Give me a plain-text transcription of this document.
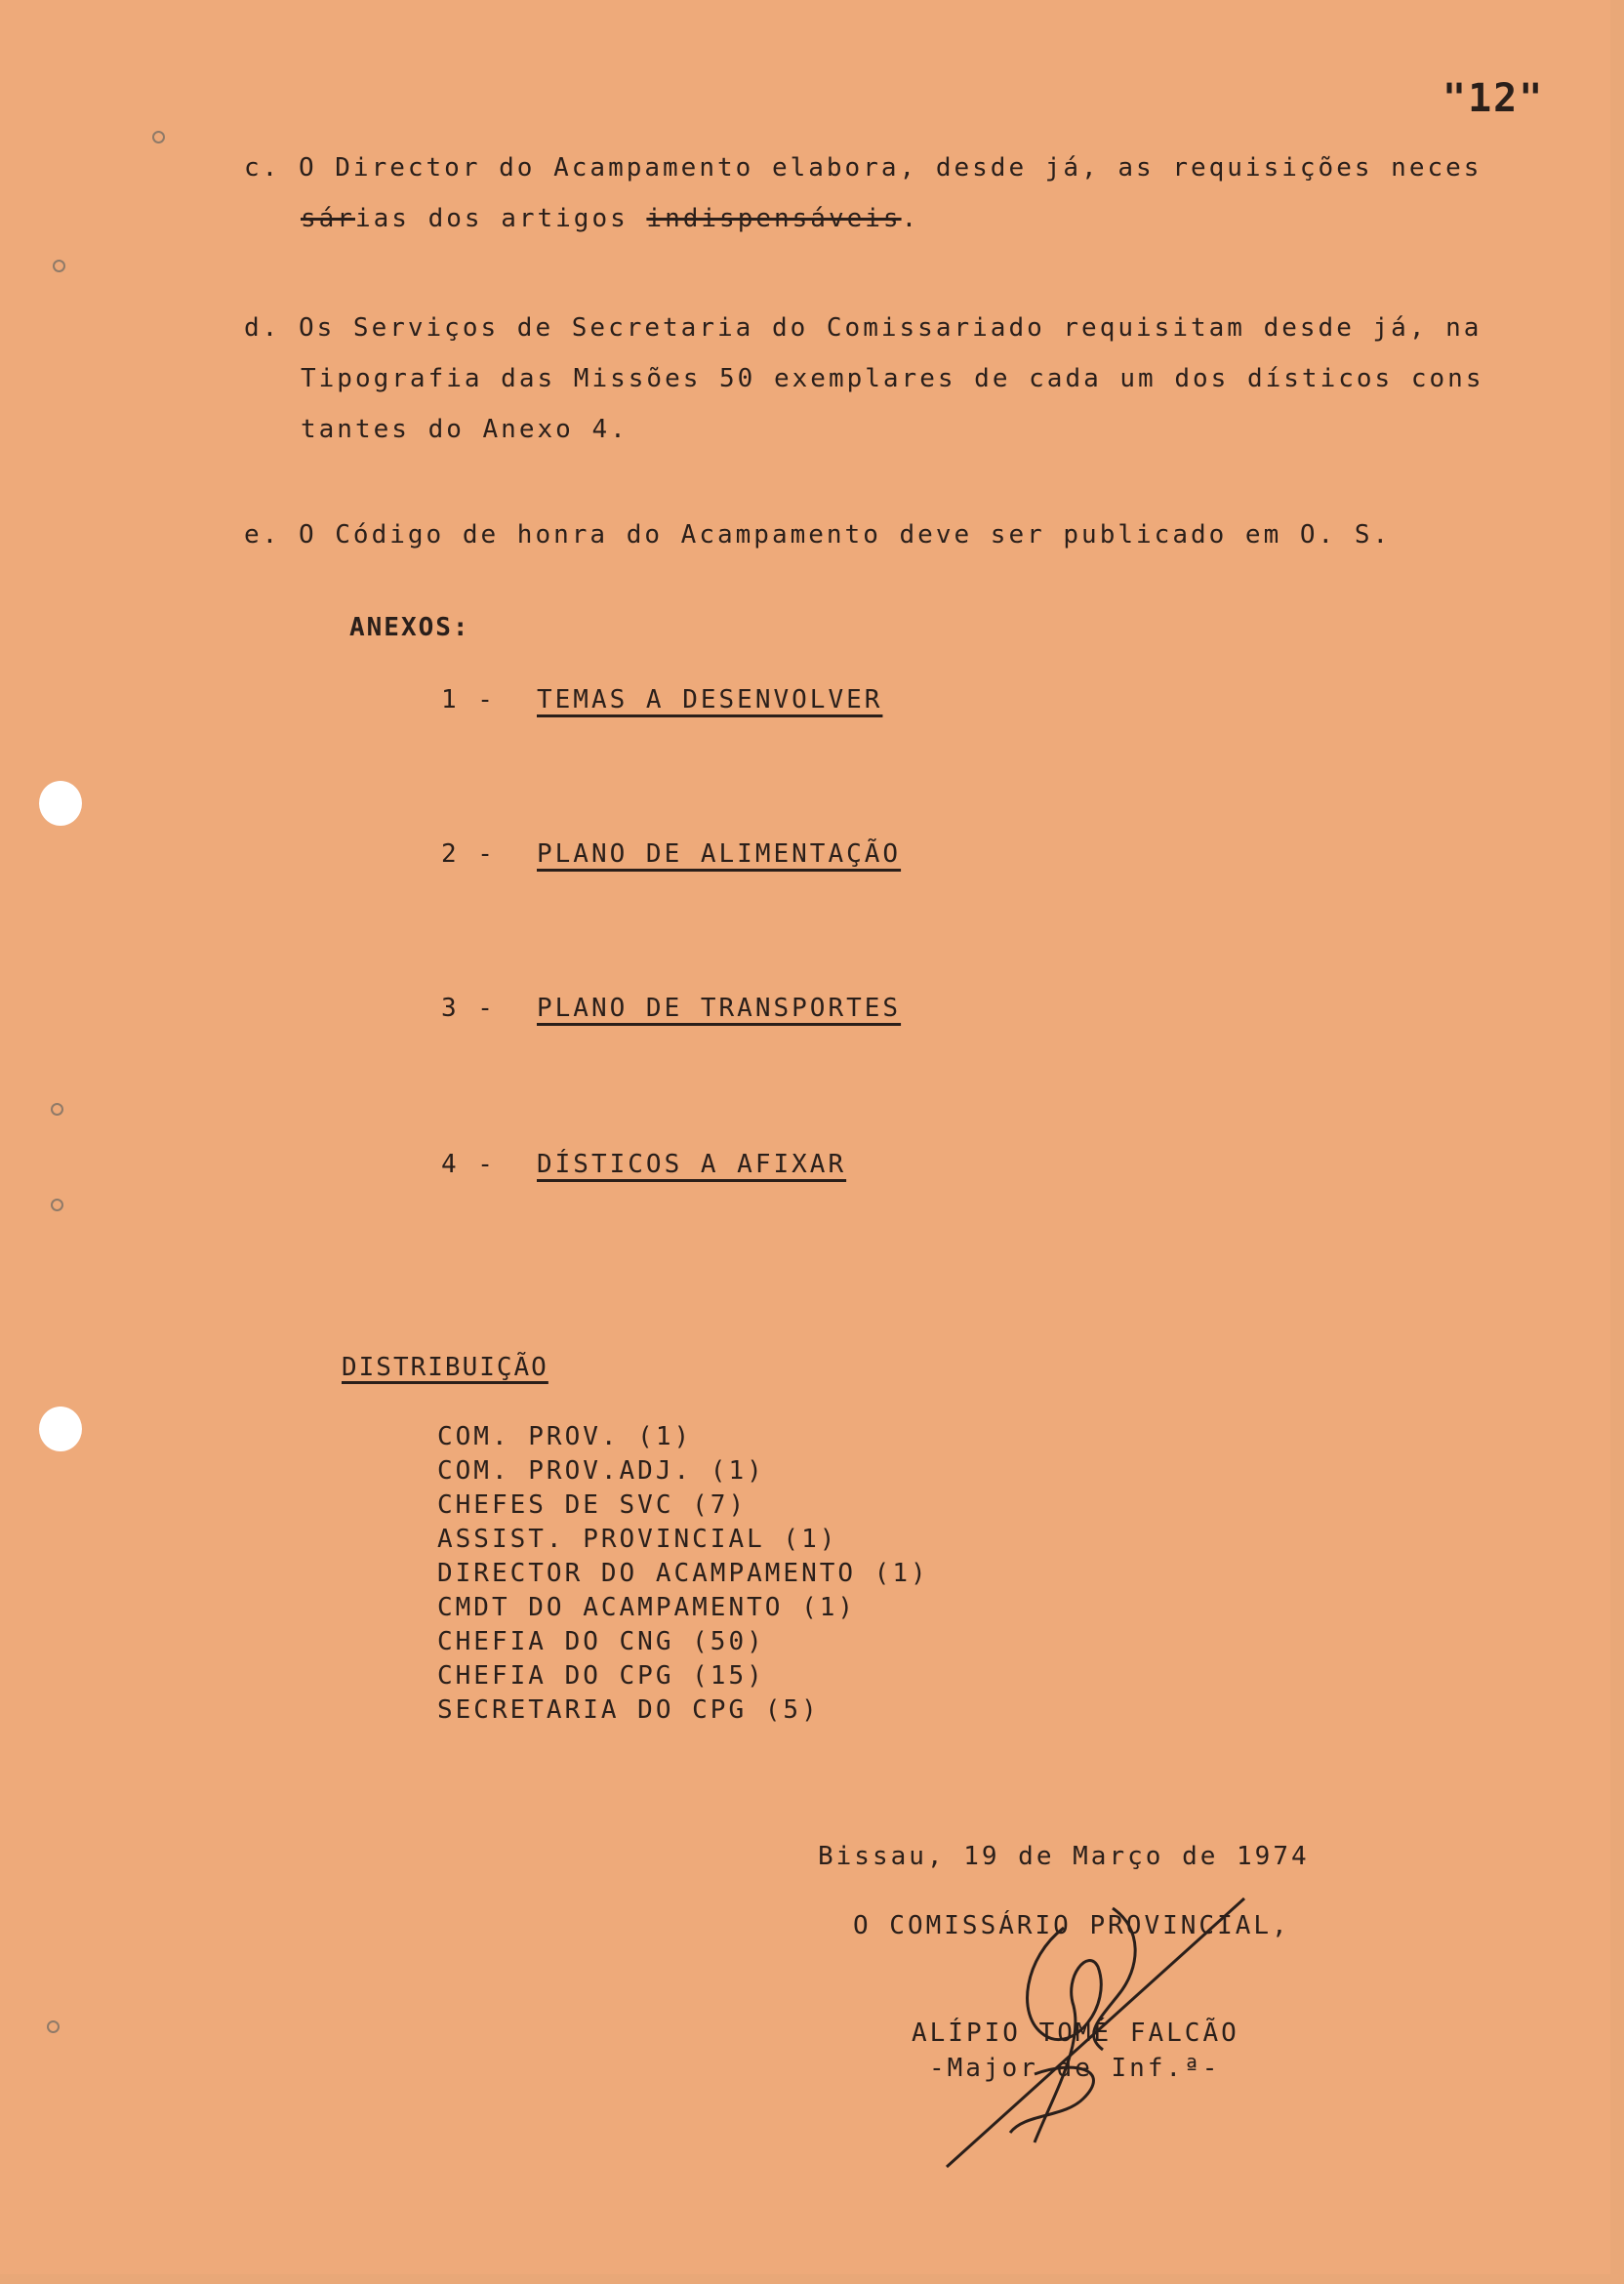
"12"
c. O Director do Acampamento elabora, desde já, as requisições neces
sárias dos artigos indispensáveis.
d. Os Serviços de Secretaria do Comissariado requisitam desde já, na
Tipografia das Missões 50 exemplares de cada um dos dísticos cons
tantes do Anexo 4.
e. O Código de honra do Acampamento deve ser publicado em O. S.
ANEXOS:
1 - TEMAS A DESENVOLVER
2 - PLANO DE ALIMENTAÇÃO
3 - PLANO DE TRANSPORTES
4 - DÍSTICOS A AFIXAR
DISTRIBUIÇÃO
COM. PROV. (1)
COM. PROV.ADJ. (1)
CHEFES DE SVC (7)
ASSIST. PROVINCIAL (1)
DIRECTOR DO ACAMPAMENTO (1)
CMDT DO ACAMPAMENTO (1)
CHEFIA DO CNG (50)
CHEFIA DO CPG (15)
SECRETARIA DO CPG (5)
Bissau, 19 de Março de 1974
O COMISSÁRIO PROVINCIAL,
ALÍPIO TOMÉ FALCÃO
-Major de Inf.ª-
